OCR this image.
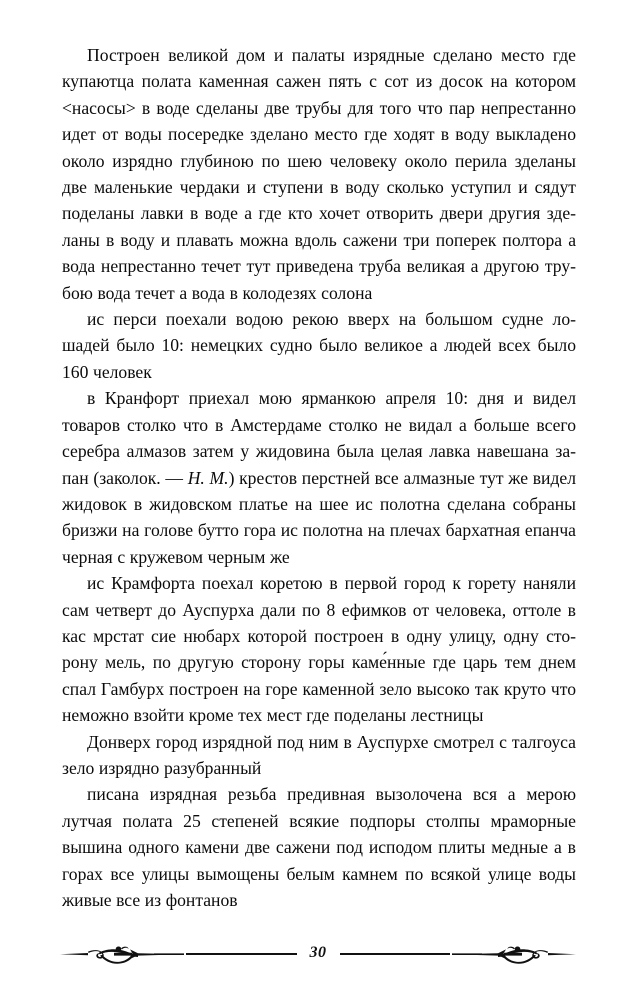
Построен великой дом и палаты изрядные сделано место где купаютца полата каменная сажен пять с сот из досок на котором <насосы> в воде сделаны две трубы для того что пар непрестанно идет от воды посередке зделано место где ходят в воду выкладено около изрядно глубиною по шею человеку около перила зделаны две маленькие чердаки и ступени в воду сколько уступил и сядут поделаны лавки в воде а где кто хочет отворить двери другия зделаны в воду и плавать можна вдоль сажени три поперек полтора а вода непрестанно течет тут приведена труба великая а другою трубою вода течет а вода в колодезях солона

ис перси поехали водою рекою вверх на большом судне лошадей было 10: немецких судно было великое а людей всех было 160 человек

в Кранфорт приехал мою ярманкою апреля 10: дня и видел товаров столко что в Амстердаме столко не видал а больше всего серебра алмазов затем у жидовина была целая лавка навешана запан (заколок. — Н. М.) крестов перстней все алмазные тут же видел жидовок в жидовском платье на шее ис полотна сделана собраны бризжи на голове бутто гора ис полотна на плечах бархатная епанча черная с кружевом черным же

ис Крамфорта поехал коретою в первой город к горету наняли сам четверт до Ауспурха дали по 8 ефимков от человека, оттоле в кас мрстат сие нюбарх которой построен в одну улицу, одну сторону мель, по другую сторону горы каме́нные где царь тем днем спал Гамбурх построен на горе каменной зело высоко так круто что неможно взойти кроме тех мест где поделаны лестницы

Донверх город изрядной под ним в Ауспурхе смотрел с талгоуса зело изрядно разубранный

писана изрядная резьба предивная вызолочена вся а мерою лутчая полата 25 степеней всякие подпоры столпы мраморные вышина одного камени две сажени под исподом плиты медные а в горах все улицы вымощены белым камнем по всякой улице воды живые все из фонтанов

30
